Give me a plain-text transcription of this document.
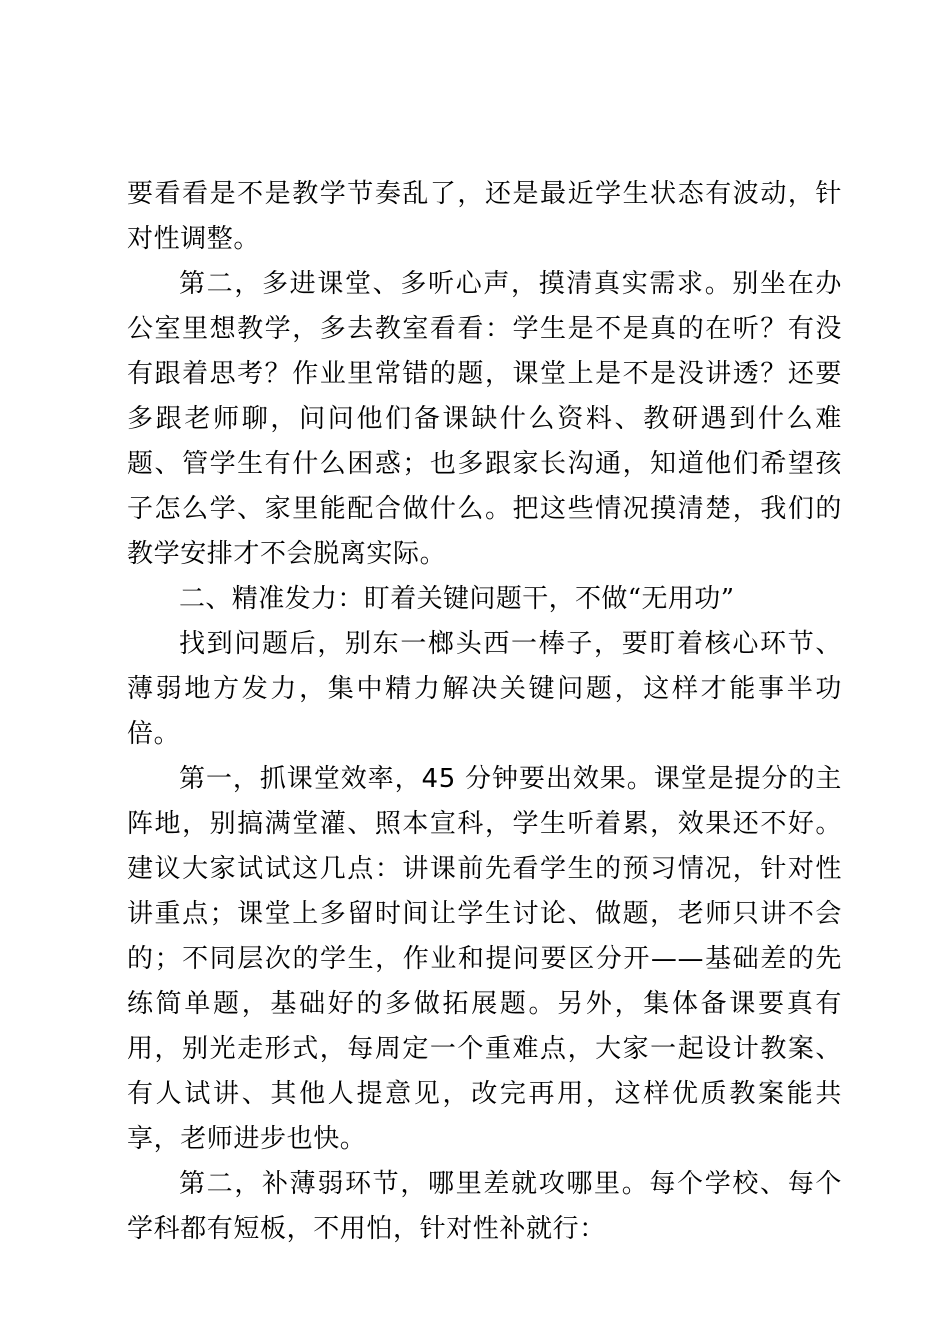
要看看是不是教学节奏乱了，还是最近学生状态有波动，针对性调整。

第二，多进课堂、多听心声，摸清真实需求。别坐在办公室里想教学，多去教室看看：学生是不是真的在听？有没有跟着思考？作业里常错的题，课堂上是不是没讲透？还要多跟老师聊，问问他们备课缺什么资料、教研遇到什么难题、管学生有什么困惑；也多跟家长沟通，知道他们希望孩子怎么学、家里能配合做什么。把这些情况摸清楚，我们的教学安排才不会脱离实际。

二、精准发力：盯着关键问题干，不做“无用功”

找到问题后，别东一榔头西一棒子，要盯着核心环节、薄弱地方发力，集中精力解决关键问题，这样才能事半功倍。

第一，抓课堂效率，45 分钟要出效果。课堂是提分的主阵地，别搞满堂灌、照本宣科，学生听着累，效果还不好。建议大家试试这几点：讲课前先看学生的预习情况，针对性讲重点；课堂上多留时间让学生讨论、做题，老师只讲不会的；不同层次的学生，作业和提问要区分开——基础差的先练简单题，基础好的多做拓展题。另外，集体备课要真有用，别光走形式，每周定一个重难点，大家一起设计教案、有人试讲、其他人提意见，改完再用，这样优质教案能共享，老师进步也快。

第二，补薄弱环节，哪里差就攻哪里。每个学校、每个学科都有短板，不用怕，针对性补就行：
